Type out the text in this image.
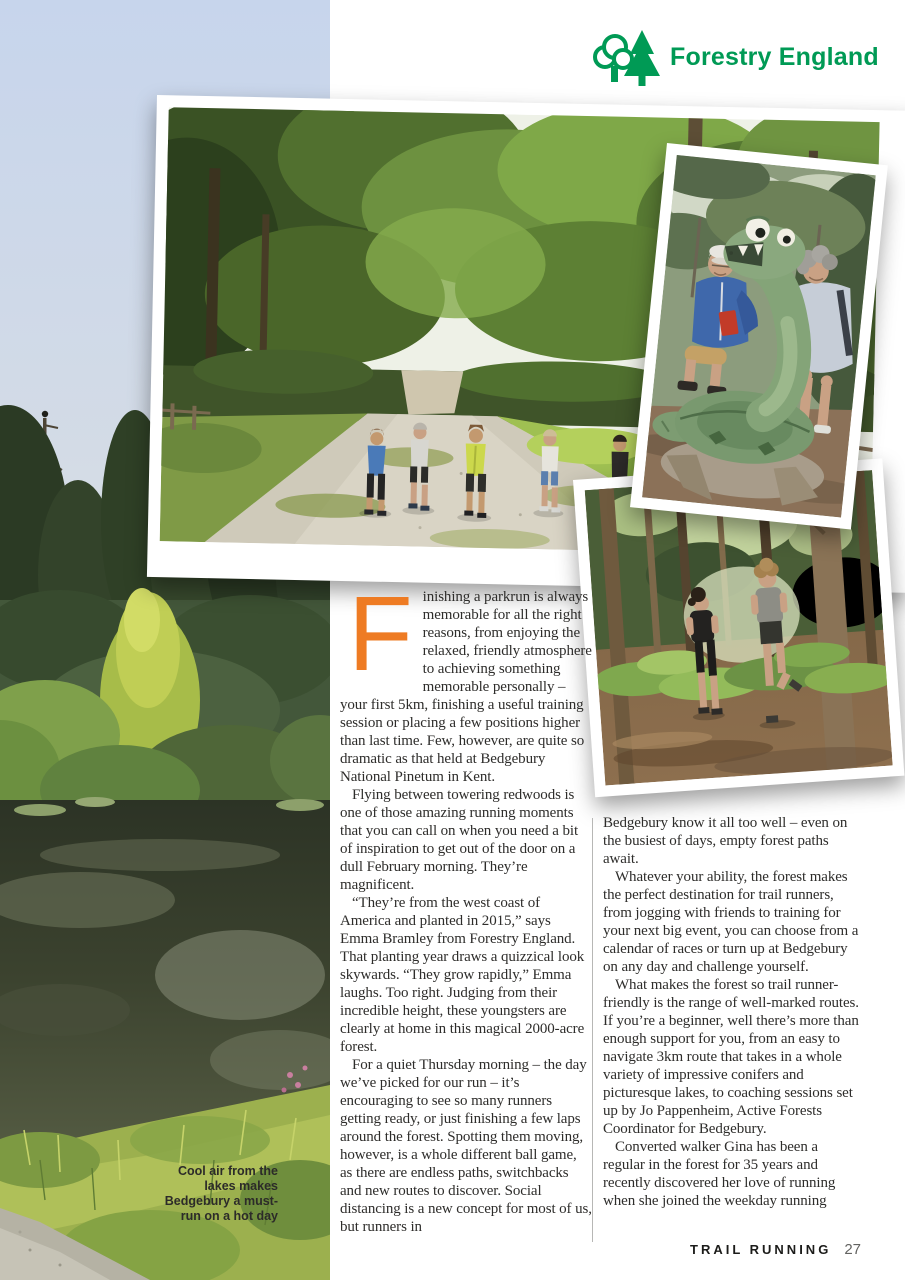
Cool air from the lakes makes Bedgebury a must-run on a hot day
Forestry England

Finishing a parkrun is always memorable for all the right reasons, from enjoying the relaxed, friendly atmosphere to achieving something memorable personally – your first 5km, finishing a useful training session or placing a few positions higher than last time. Few, however, are quite so dramatic as that held at Bedgebury National Pinetum in Kent.

Flying between towering redwoods is one of those amazing running moments that you can call on when you need a bit of inspiration to get out of the door on a dull February morning. They’re magnificent.

“They’re from the west coast of America and planted in 2015,” says Emma Bramley from Forestry England. That planting year draws a quizzical look skywards. “They grow rapidly,” Emma laughs. Too right. Judging from their incredible height, these youngsters are clearly at home in this magical 2000-acre forest.

For a quiet Thursday morning – the day we’ve picked for our run – it’s encouraging to see so many runners getting ready, or just finishing a few laps around the forest. Spotting them moving, however, is a whole different ball game, as there are endless paths, switchbacks and new routes to discover. Social distancing is a new concept for most of us, but runners in

Bedgebury know it all too well – even on the busiest of days, empty forest paths await.

Whatever your ability, the forest makes the perfect destination for trail runners, from jogging with friends to training for your next big event, you can choose from a calendar of races or turn up at Bedgebury on any day and challenge yourself.

What makes the forest so trail runner-friendly is the range of well-marked routes. If you’re a beginner, well there’s more than enough support for you, from an easy to navigate 3km route that takes in a whole variety of impressive conifers and picturesque lakes, to coaching sessions set up by Jo Pappenheim, Active Forests Coordinator for Bedgebury.

Converted walker Gina has been a regular in the forest for 35 years and recently discovered her love of running when she joined the weekday running

TRAIL RUNNING 27
